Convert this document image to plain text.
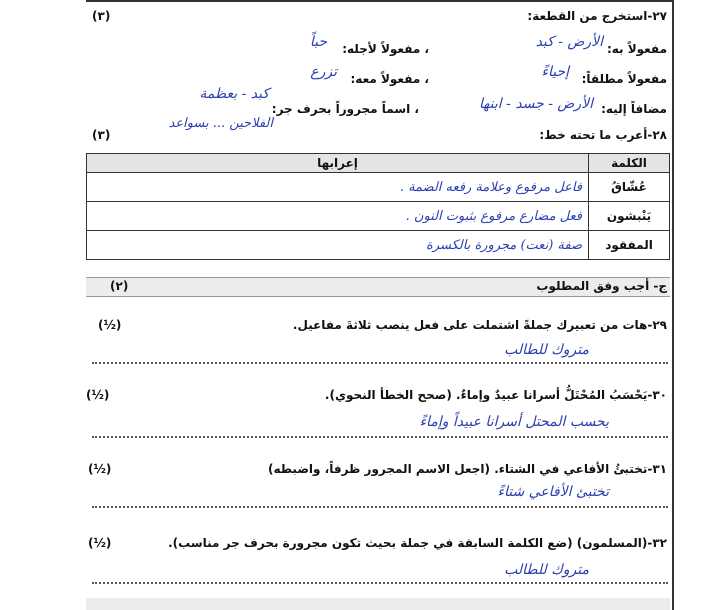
٢٧-استخرج من القطعة:
(٣)
مفعولاً به:
الأرض - كبد
، مفعولاً لأجله:
حباً
مفعولاً مطلقاً:
إحياءً
، مفعولاً معه:
تزرع
مضافاً إليه:
الأرض - جسد - ابنها
، اسماً مجروراً بحرف جر:
كبد - بعظمة
الفلاحين ... بسواعد
٢٨-أعرب ما تحته خط:
(٣)
الكلمة	إعرابها
عُشّاقُ	فاعل مرفوع وعلامة رفعه الضمة .
يَنْبشون	فعل مضارع مرفوع بثبوت النون .
المفقود	صفة (نعت) مجرورة بالكسرة
ج- أجب وفق المطلوب
(٢)
٢٩-هات من تعبيرك جملةً اشتملت على فعل ينصب ثلاثةَ مفاعيل.
(½)
متروك للطالب
٣٠-يَحْسَبُ المُحْتَلُّ أسرانا عبيدٌ وإماءٌ. (صحح الخطأ النحوي).
(½)
يحسب المحتل أسرانا عبيداً وإماءً
٣١-تختبئُ الأفاعي في الشتاء. (اجعل الاسم المجرور ظرفاً، واضبطه)
(½)
تختبئ الأفاعي شتاءً
٣٢-(المسلمون) (ضع الكلمة السابقة في جملة بحيث تكون مجرورة بحرف جر مناسب).
(½)
متروك للطالب
